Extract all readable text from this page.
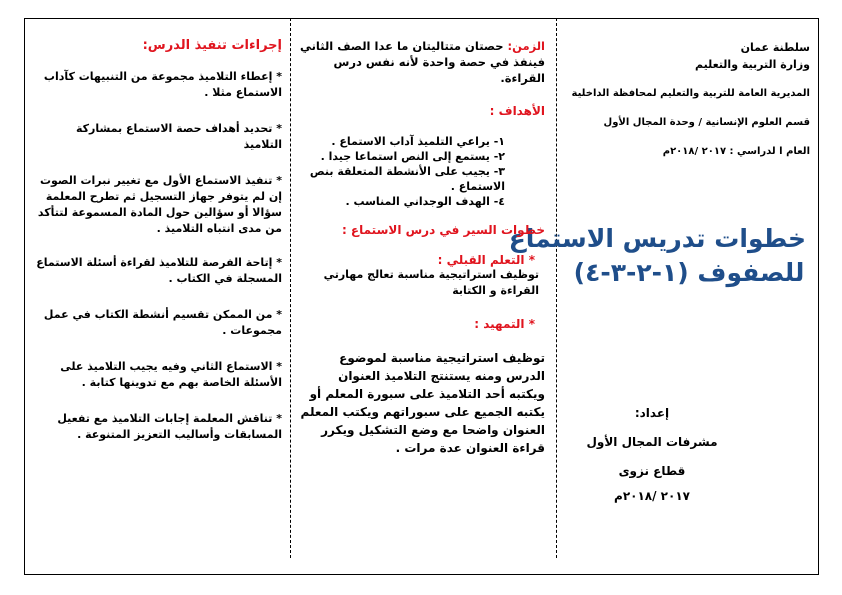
سلطنة عمان
وزارة التربية والتعليم
المديرية العامة للتربية والتعليم لمحافظة الداخلية
قسم العلوم الإنسانية / وحدة المجال الأول
العام ا لدراسي : ٢٠١٧ /٢٠١٨م
خطوات تدريس الاستماع
للصفوف (١-٢-٣-٤)
إعداد:
مشرفات المجال الأول
قطاع نزوى
٢٠١٧ /٢٠١٨م

الزمن: حصتان متتاليتان ما عدا الصف الثاني فينفذ في حصة واحدة لأنه نفس درس القراءة.

الأهداف :
١- يراعي التلميذ آداب الاستماع .
٢- يستمع إلى النص استماعا جيدا .
٣- يجيب على الأنشطة المتعلقة بنص الاستماع .
٤- الهدف الوجداني المناسب .
خطوات السير في درس الاستماع :
* التعلم القبلي :

توظيف استراتيجية مناسبة تعالج مهارتي القراءة و الكتابة

* التمهيد :

توظيف استراتيجية مناسبة لموضوع الدرس ومنه يستنتج التلاميذ العنوان ويكتبه أحد التلاميذ على سبورة المعلم أو يكتبه الجميع على سبوراتهم ويكتب المعلم العنوان واضحا مع وضع التشكيل ويكرر قراءة العنوان عدة مرات .

إجراءات تنفيذ الدرس:

* إعطاء التلاميذ مجموعة من التنبيهات كآداب الاستماع مثلا .

* تحديد أهداف حصة الاستماع بمشاركة التلاميذ

* تنفيذ الاستماع الأول مع تغيير نبرات الصوت إن لم يتوفر جهاز التسجيل ثم تطرح المعلمة سؤالا أو سؤالين حول المادة المسموعة لتتأكد من مدى انتباه التلاميذ .

* إتاحة الفرصة للتلاميذ لقراءة أسئلة الاستماع المسجلة في الكتاب .

* من الممكن تقسيم أنشطة الكتاب في عمل مجموعات .

* الاستماع الثاني وفيه يجيب التلاميذ على الأسئلة الخاصة بهم مع تدوينها كتابة .

* تناقش المعلمة إجابات التلاميذ مع تفعيل المسابقات وأساليب التعزيز المتنوعة .
